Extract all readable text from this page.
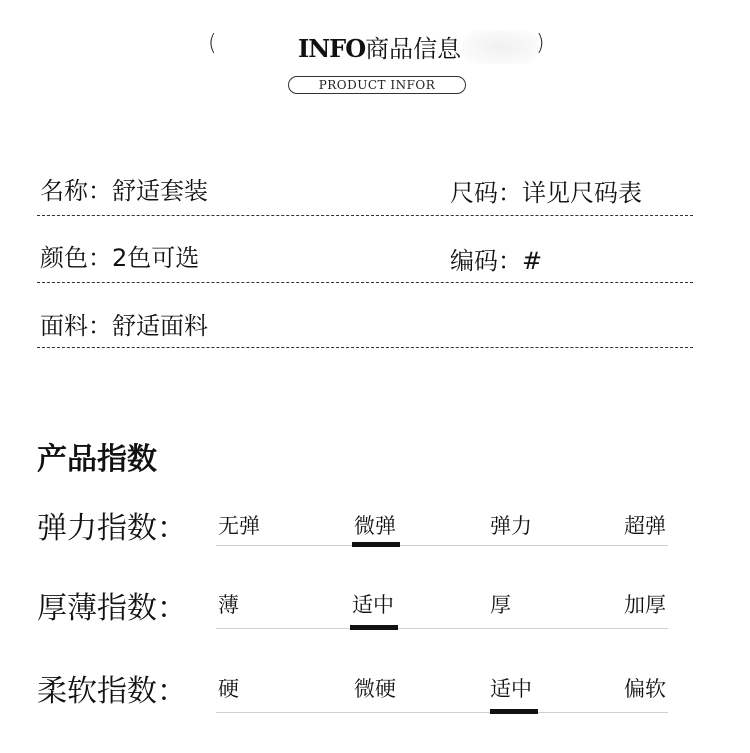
(	INFO商品信息	)
PRODUCT INFOR
名称：舒适套装	尺码：详见尺码表
颜色：2色可选	编码：#
面料：舒适面料
产品指数
弹力指数： 无弹	微弹	弹力	超弹
厚薄指数： 薄	适中	厚	加厚
柔软指数： 硬	微硬	适中	偏软
